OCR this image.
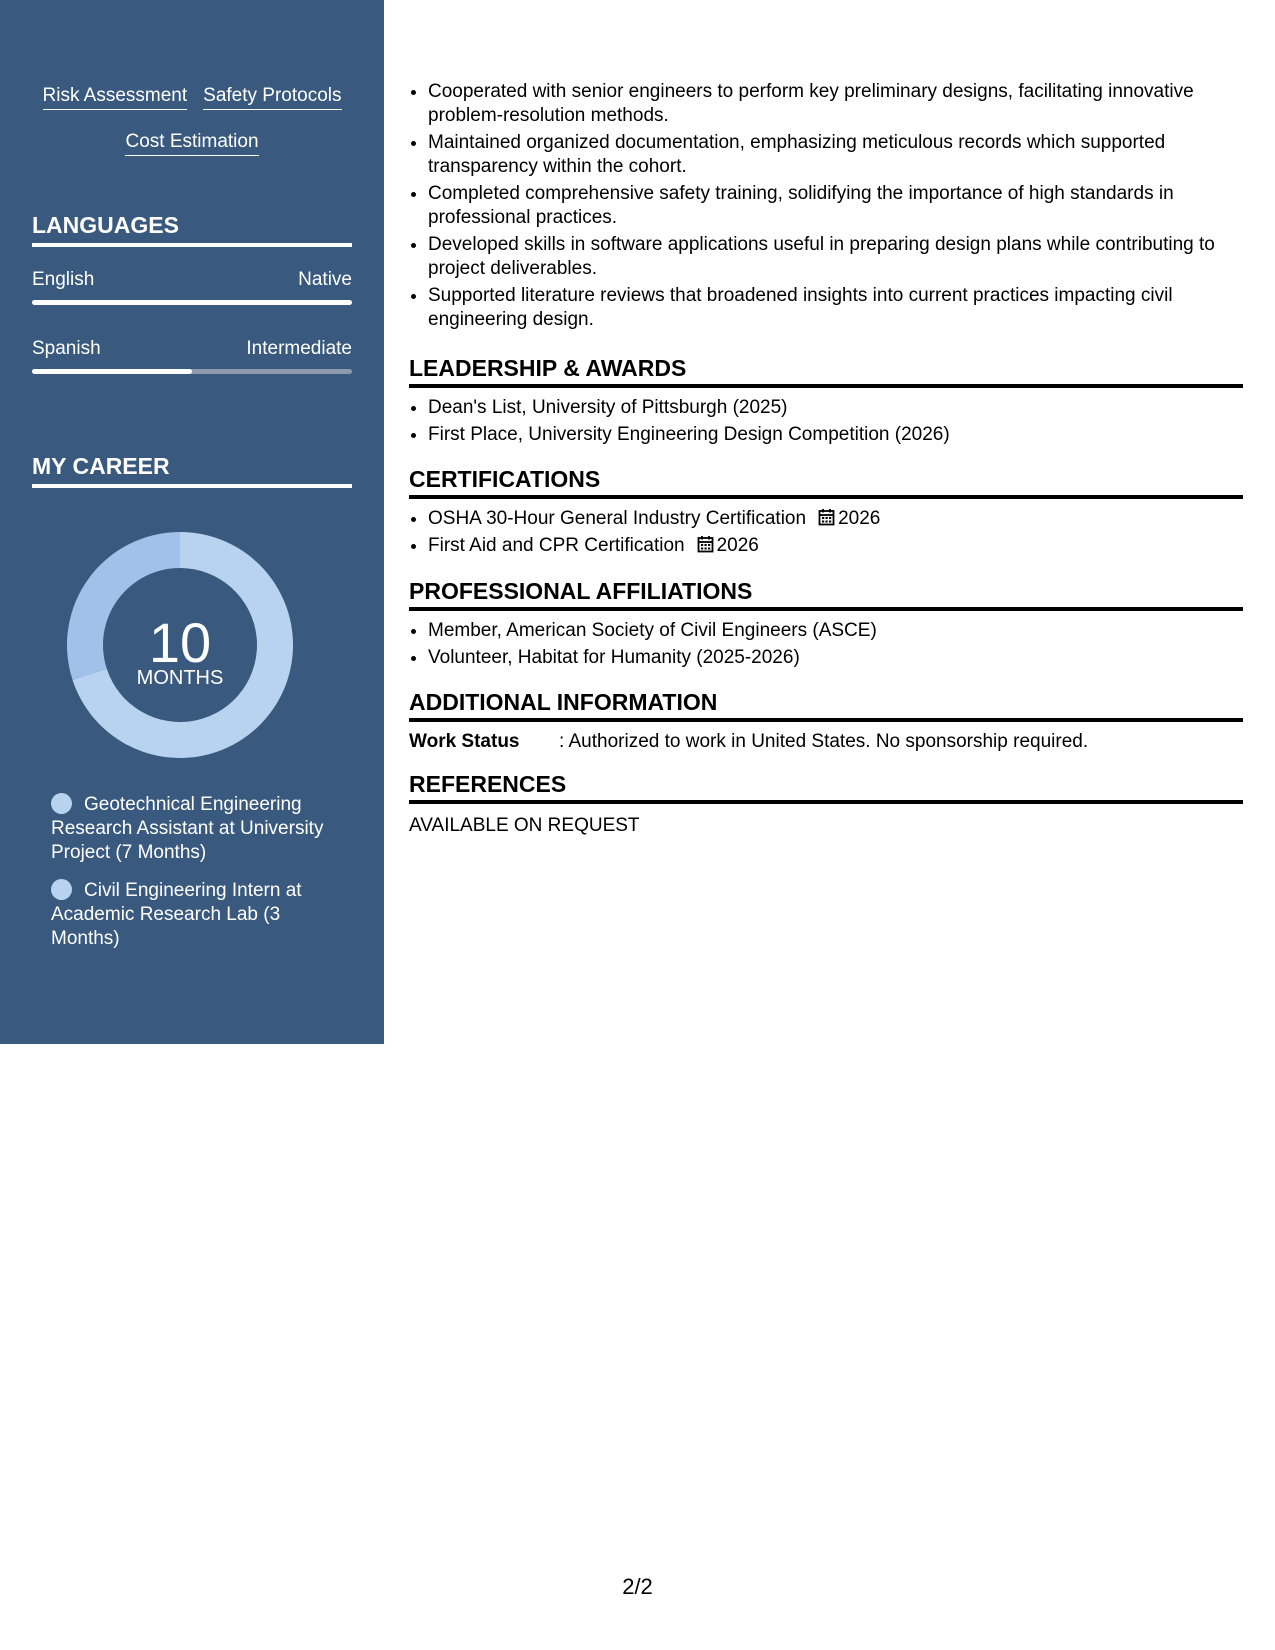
Risk Assessment Safety Protocols
Cost Estimation
LANGUAGES
English	Native
Spanish	Intermediate
MY CAREER
10
MONTHS
Geotechnical Engineering Research Assistant at University Project (7 Months)
Civil Engineering Intern at Academic Research Lab (3 Months)
• Cooperated with senior engineers to perform key preliminary designs, facilitating innovative problem-resolution methods.
• Maintained organized documentation, emphasizing meticulous records which supported transparency within the cohort.
• Completed comprehensive safety training, solidifying the importance of high standards in professional practices.
• Developed skills in software applications useful in preparing design plans while contributing to project deliverables.
• Supported literature reviews that broadened insights into current practices impacting civil engineering design.
LEADERSHIP & AWARDS
• Dean's List, University of Pittsburgh (2025)
• First Place, University Engineering Design Competition (2026)
CERTIFICATIONS
• OSHA 30-Hour General Industry Certification 2026
• First Aid and CPR Certification 2026
PROFESSIONAL AFFILIATIONS
• Member, American Society of Civil Engineers (ASCE)
• Volunteer, Habitat for Humanity (2025-2026)
ADDITIONAL INFORMATION
Work Status : Authorized to work in United States. No sponsorship required.
REFERENCES
AVAILABLE ON REQUEST
2/2
